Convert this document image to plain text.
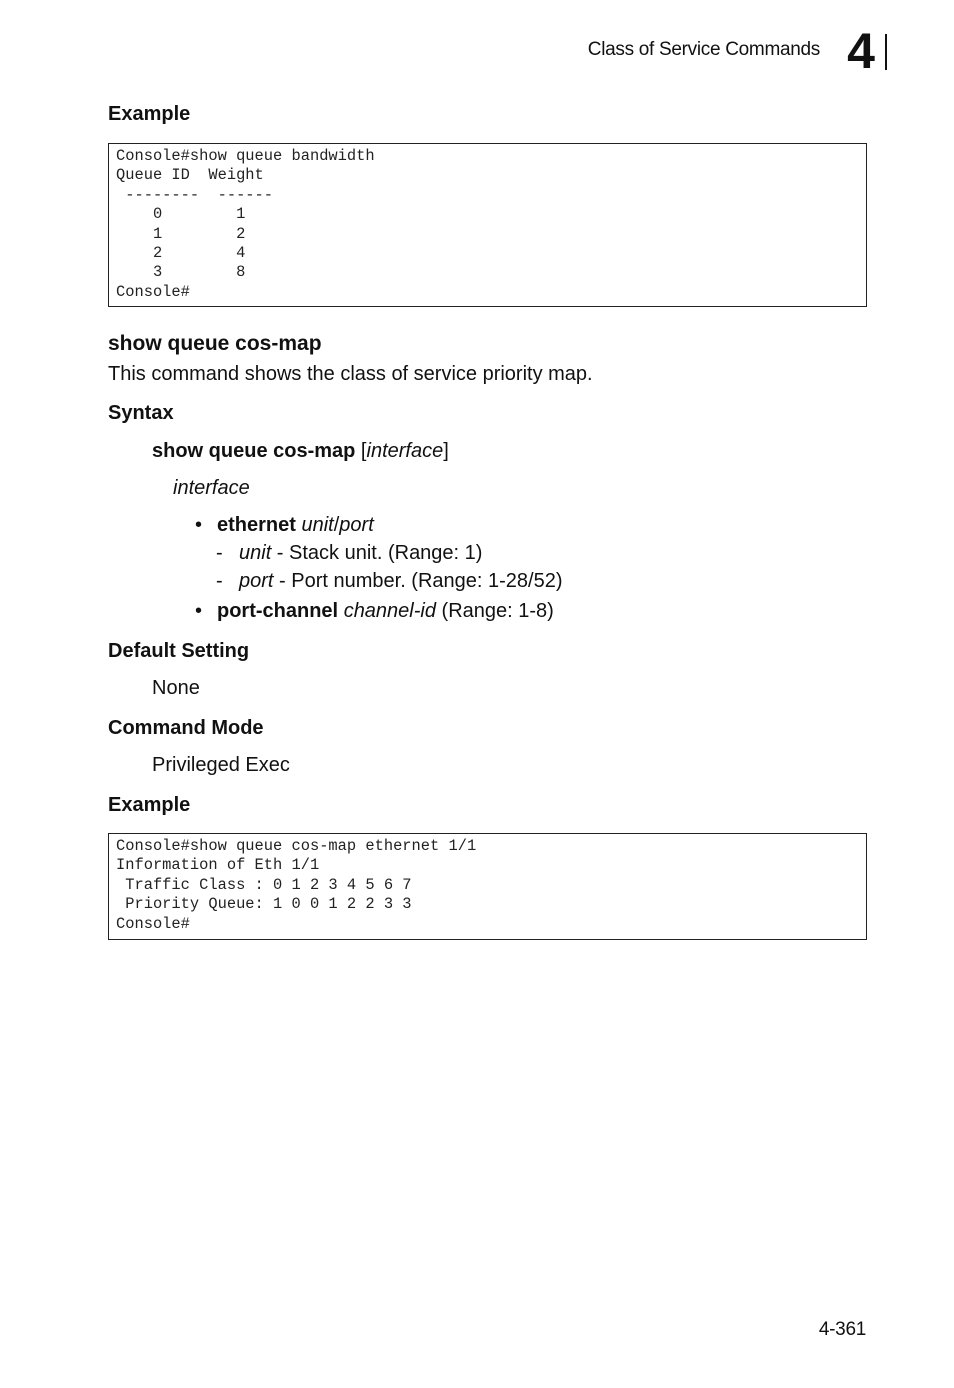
Class of Service Commands 4
Example
Console#show queue bandwidth
Queue ID  Weight
--------  ------
0        1
1        2
2        4
3        8
Console#
show queue cos-map
This command shows the class of service priority map.
Syntax
show queue cos-map [interface]
interface
• ethernet unit/port
- unit - Stack unit. (Range: 1)
- port - Port number. (Range: 1-28/52)
• port-channel channel-id (Range: 1-8)
Default Setting
None
Command Mode
Privileged Exec
Example
Console#show queue cos-map ethernet 1/1
Information of Eth 1/1
Traffic Class : 0 1 2 3 4 5 6 7
Priority Queue: 1 0 0 1 2 2 3 3
Console#
4-361
